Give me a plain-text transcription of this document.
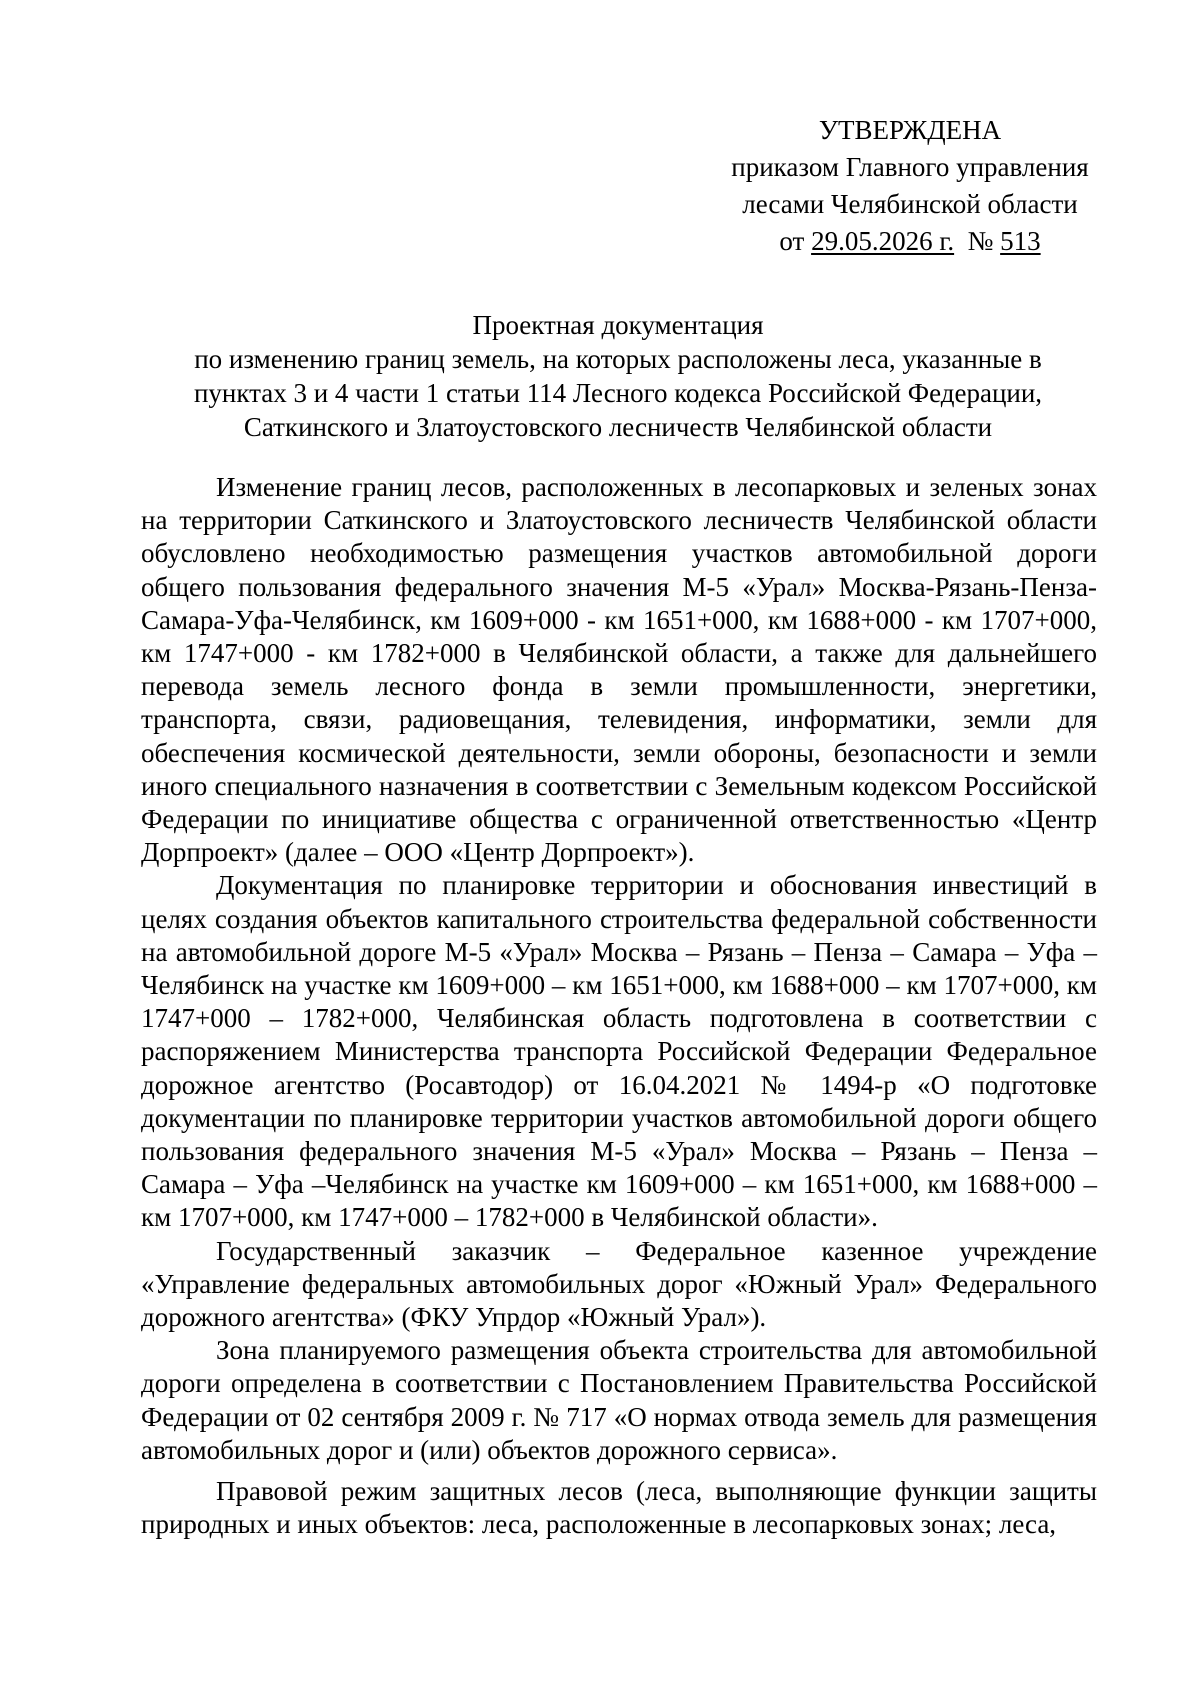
УТВЕРЖДЕНА
приказом Главного управления
лесами Челябинской области
от 29.05.2026 г. № 513
Проектная документация
по изменению границ земель, на которых расположены леса, указанные в
пунктах 3 и 4 части 1 статьи 114 Лесного кодекса Российской Федерации,
Саткинского и Златоустовского лесничеств Челябинской области

Изменение границ лесов, расположенных в лесопарковых и зеленых зонах на территории Саткинского и Златоустовского лесничеств Челябинской области обусловлено необходимостью размещения участков автомобильной дороги общего пользования федерального значения М-5 «Урал» Москва-Рязань-Пенза-Самара-Уфа-Челябинск, км 1609+000 - км 1651+000, км 1688+000 - км 1707+000, км 1747+000 - км 1782+000 в Челябинской области, а также для дальнейшего перевода земель лесного фонда в земли промышленности, энергетики, транспорта, связи, радиовещания, телевидения, информатики, земли для обеспечения космической деятельности, земли обороны, безопасности и земли иного специального назначения в соответствии с Земельным кодексом Российской Федерации по инициативе общества с ограниченной ответственностью «Центр Дорпроект» (далее – ООО «Центр Дорпроект»).

Документация по планировке территории и обоснования инвестиций в целях создания объектов капитального строительства федеральной собственности на автомобильной дороге М-5 «Урал» Москва – Рязань – Пенза – Самара – Уфа –Челябинск на участке км 1609+000 – км 1651+000, км 1688+000 – км 1707+000, км 1747+000 – 1782+000, Челябинская область подготовлена в соответствии с распоряжением Министерства транспорта Российской Федерации Федеральное дорожное агентство (Росавтодор) от 16.04.2021 № 1494-р «О подготовке документации по планировке территории участков автомобильной дороги общего пользования федерального значения М-5 «Урал» Москва – Рязань – Пенза – Самара – Уфа –Челябинск на участке км 1609+000 – км 1651+000, км 1688+000 – км 1707+000, км 1747+000 – 1782+000 в Челябинской области».

Государственный заказчик – Федеральное казенное учреждение «Управление федеральных автомобильных дорог «Южный Урал» Федерального дорожного агентства» (ФКУ Упрдор «Южный Урал»).

Зона планируемого размещения объекта строительства для автомобильной дороги определена в соответствии с Постановлением Правительства Российской Федерации от 02 сентября 2009 г. № 717 «О нормах отвода земель для размещения автомобильных дорог и (или) объектов дорожного сервиса».

Правовой режим защитных лесов (леса, выполняющие функции защиты природных и иных объектов: леса, расположенные в лесопарковых зонах; леса,
